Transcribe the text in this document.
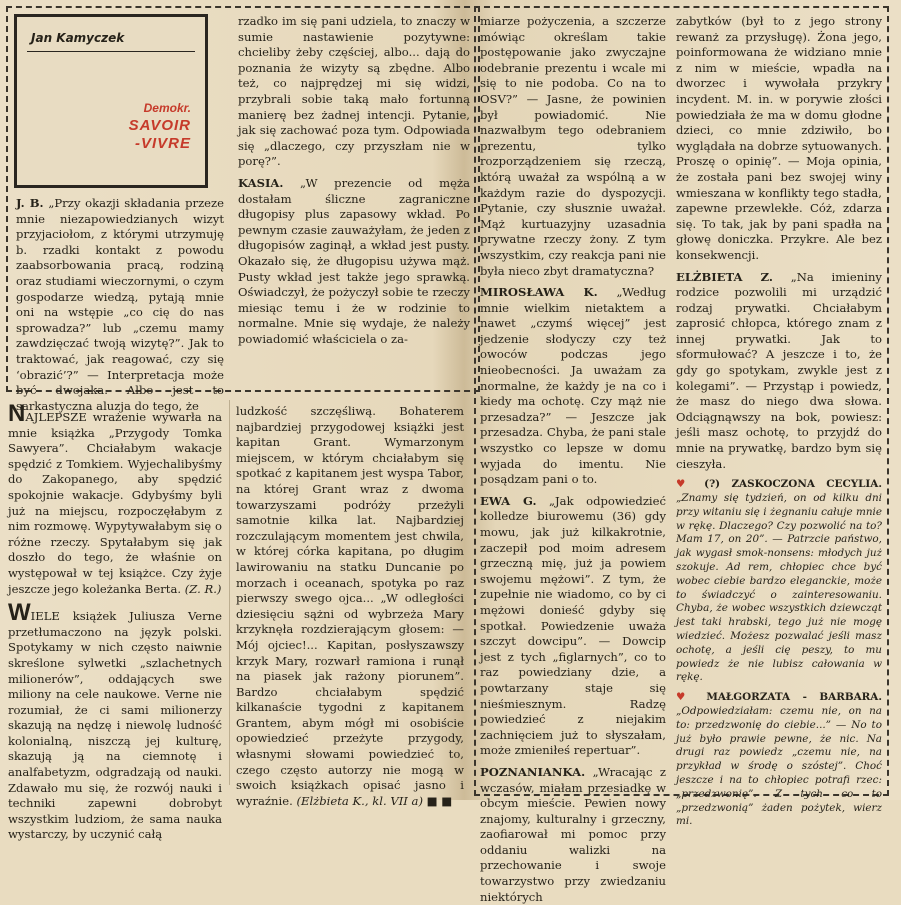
Jan Kamyczek
Demokr.
SAVOIR
-VIVRE

J. B. „Przy okazji składania przeze mnie niezapowiedzianych wizyt przyjaciołom, z którymi utrzymuję b. rzadki kontakt z powodu zaabsorbowania pracą, rodziną oraz studiami wieczornymi, o czym gospodarze wiedzą, pytają mnie oni na wstępie „co cię do nas sprowadza?” lub „czemu mamy zawdzięczać twoją wizytę?”. Jak to traktować, jak reagować, czy się ‘obrazić’?” — Interpretacja może być dwojaka. Albo jest to sarkastyczna aluzja do tego, że

rzadko im się pani udziela, to znaczy w sumie nastawienie pozytywne: chcieliby żeby częściej, albo... dają do poznania że wizyty są zbędne. Albo też, co najprędzej mi się widzi, przybrali sobie taką mało fortunną manierę bez żadnej intencji. Pytanie, jak się zachować poza tym. Odpowiada się „dlaczego, czy przyszłam nie w porę?”.

KASIA. „W prezencie od męża dostałam śliczne zagraniczne długopisy plus zapasowy wkład. Po pewnym czasie zauważyłam, że jeden z długopisów zaginął, a wkład jest pusty. Okazało się, że długopisu używa mąż. Pusty wkład jest także jego sprawką. Oświadczył, że pożyczył sobie te rzeczy miesiąc temu i że w rodzinie to normalne. Mnie się wydaje, że należy powiadomić właściciela o za-

miarze pożyczenia, a szczerze mówiąc określam takie postępowanie jako zwyczajne odebranie prezentu i wcale mi się to nie podoba. Co na to OSV?” — Jasne, że powinien był powiadomić. Nie nazwałbym tego odebraniem prezentu, tylko rozporządzeniem się rzeczą, którą uważał za wspólną a w każdym razie do dyspozycji. Pytanie, czy słusznie uważał. Mąż kurtuazyjny uzasadnia prywatne rzeczy żony. Z tym wszystkim, czy reakcja pani nie była nieco zbyt dramatyczna?

MIROSŁAWA K. „Według mnie wielkim nietaktem a nawet „czymś więcej” jest jedzenie słodyczy czy też owoców podczas jego nieobecności. Ja uważam za normalne, że każdy je na co i kiedy ma ochotę. Czy mąż nie przesadza?” — Jeszcze jak przesadza. Chyba, że pani stale wszystko co lepsze w domu wyjada do imentu. Nie posądzam pani o to.

EWA G. „Jak odpowiedzieć kolledze biurowemu (36) gdy mowu, jak już kilkakrotnie, zaczepił pod moim adresem grzeczną mię, już ja powiem swojemu mężowi”. Z tym, że zupełnie nie wiadomo, co by ci mężowi donieść gdyby się spotkał. Powiedzenie uważa szczyt dowcipu”. — Dowcip jest z tych „figlarnych”, co to raz powiedziany dzie, a powtarzany staje się nieśmiesznym. Radzę powiedzieć z niejakim zachnięciem już to słyszałam, może zmieniłeś repertuar”.

POZNANIANKA. „Wracając z wczasów, miałam przesiadkę w obcym mieście. Pewien nowy znajomy, kulturalny i grzeczny, zaofiarował mi pomoc przy oddaniu walizki na przechowanie i swoje towarzystwo przy zwiedzaniu niektórych

zabytków (był to z jego strony rewanż za przysługę). Żona jego, poinformowana że widziano mnie z nim w mieście, wpadła na dworzec i wywołała przykry incydent. M. in. w porywie złości powiedziała że ma w domu głodne dzieci, co mnie zdziwiło, bo wyglądała na dobrze sytuowanych. Proszę o opinię”. — Moja opinia, że została pani bez swojej winy wmieszana w konflikty tego stadła, zapewne przewlekłe. Cóż, zdarza się. To tak, jak by pani spadła na głowę doniczka. Przykre. Ale bez konsekwencji.

ELŻBIETA Z. „Na imieniny rodzice pozwolili mi urządzić rodzaj prywatki. Chciałabym zaprosić chłopca, którego znam z innej prywatki. Jak to sformułować? A jeszcze i to, że gdy go spotykam, zwykle jest z kolegami”. — Przystąp i powiedz, że masz do niego dwa słowa. Odciągnąwszy na bok, powiesz: jeśli masz ochotę, to przyjdź do mnie na prywatkę, bardzo bym się cieszyła.

♥ (?) ZASKOCZONA CECYLIA. „Znamy się tydzień, on od kilku dni przy witaniu się i żegnaniu całuje mnie w rękę. Dlaczego? Czy pozwolić na to? Mam 17, on 20”. — Patrzcie państwo, jak wygasł smok-nonsens: młodych już szokuje. Ad rem, chłopiec chce być wobec ciebie bardzo eleganckie, może to świadczyć o zainteresowaniu. Chyba, że wobec wszystkich dziewcząt jest taki hrabski, tego już nie mogę wiedzieć. Możesz pozwalać jeśli masz ochotę, a jeśli cię peszy, to mu powiedz że nie lubisz całowania w rękę.

♥ MAŁGORZATA - BARBARA. „Odpowiedziałam: czemu nie, on na to: przedzwonię do ciebie...” — No to już było prawie pewne, że nic. Na drugi raz powiedz „czemu nie, na przykład w środę o szóstej”. Choć jeszcze i na to chłopiec potrafi rzec: „przedzwonię”. Z tych co to „przedzwonią” żaden pożytek, wierz mi.

NAJLEPSZE wrażenie wywarła na mnie książka „Przygody Tomka Sawyera”. Chciałabym wakacje spędzić z Tomkiem. Wyjechalibyśmy do Zakopanego, aby spędzić spokojnie wakacje. Gdybyśmy byli już na miejscu, rozpoczęłabym z nim rozmowę. Wypytywałabym się o różne rzeczy. Spytałabym się jak doszło do tego, że właśnie on występował w tej książce. Czy żyje jeszcze jego koleżanka Berta. (Z. R.)

WIELE książek Juliusza Verne przetłumaczono na język polski. Spotykamy w nich często naiwnie skreślone sylwetki „szlachetnych milionerów”, oddających swe miliony na cele naukowe. Verne nie rozumiał, że ci sami milionerzy skazują na nędzę i niewolę ludność kolonialną, niszczą jej kulturę, skazują ją na ciemnotę i analfabetyzm, odgradzają od nauki. Zdawało mu się, że rozwój nauki i techniki zapewni dobrobyt wszystkim ludziom, że sama nauka wystarczy, by uczynić całą

ludzkość szczęśliwą. Bohaterem najbardziej przygodowej książki jest kapitan Grant. Wymarzonym miejscem, w którym chciałabym się spotkać z kapitanem jest wyspa Tabor, na której Grant wraz z dwoma towarzyszami podróży przeżyli samotnie kilka lat. Najbardziej rozczulającym momentem jest chwila, w której córka kapitana, po długim lawirowaniu na statku Duncanie po morzach i oceanach, spotyka po raz pierwszy swego ojca... „W odległości dziesięciu sążni od wybrzeża Mary krzyknęła rozdzierającym głosem: — Mój ojciec!... Kapitan, posłyszawszy krzyk Mary, rozwarł ramiona i runął na piasek jak rażony piorunem”. Bardzo chciałabym spędzić kilkanaście tygodni z kapitanem Grantem, abym mógł mi osobiście opowiedzieć przeżyte przygody, własnymi słowami powiedzieć to, czego często autorzy nie mogą w swoich książkach opisać jasno i wyraźnie. (Elżbieta K., kl. VII a) ■ ■
